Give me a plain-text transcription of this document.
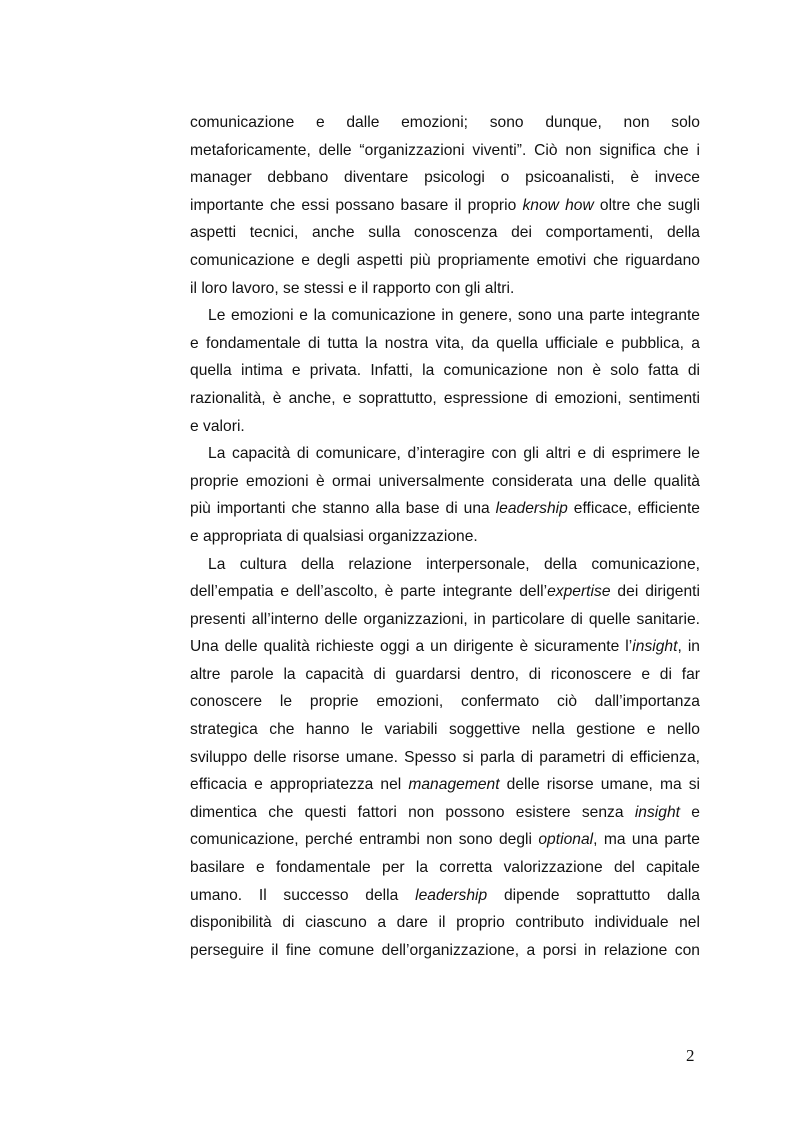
comunicazione e dalle emozioni; sono dunque, non solo
metaforicamente, delle “organizzazioni viventi”. Ciò non significa che i
manager debbano diventare psicologi o psicoanalisti, è invece
importante che essi possano basare il proprio know how oltre che sugli
aspetti tecnici, anche sulla conoscenza dei comportamenti, della
comunicazione e degli aspetti più propriamente emotivi che riguardano
il loro lavoro, se stessi e il rapporto con gli altri.
Le emozioni e la comunicazione in genere, sono una parte integrante
e fondamentale di tutta la nostra vita, da quella ufficiale e pubblica, a
quella intima e privata. Infatti, la comunicazione non è solo fatta di
razionalità, è anche, e soprattutto, espressione di emozioni, sentimenti
e valori.
La capacità di comunicare, d’interagire con gli altri e di esprimere le
proprie emozioni è ormai universalmente considerata una delle qualità
più importanti che stanno alla base di una leadership efficace, efficiente
e appropriata di qualsiasi organizzazione.
La cultura della relazione interpersonale, della comunicazione,
dell’empatia e dell’ascolto, è parte integrante dell’expertise dei dirigenti
presenti all’interno delle organizzazioni, in particolare di quelle sanitarie.
Una delle qualità richieste oggi a un dirigente è sicuramente l’insight, in
altre parole la capacità di guardarsi dentro, di riconoscere e di far
conoscere le proprie emozioni, confermato ciò dall’importanza
strategica che hanno le variabili soggettive nella gestione e nello
sviluppo delle risorse umane. Spesso si parla di parametri di efficienza,
efficacia e appropriatezza nel management delle risorse umane, ma si
dimentica che questi fattori non possono esistere senza insight e
comunicazione, perché entrambi non sono degli optional, ma una parte
basilare e fondamentale per la corretta valorizzazione del capitale
umano. Il successo della leadership dipende soprattutto dalla
disponibilità di ciascuno a dare il proprio contributo individuale nel
perseguire il fine comune dell’organizzazione, a porsi in relazione con
2
